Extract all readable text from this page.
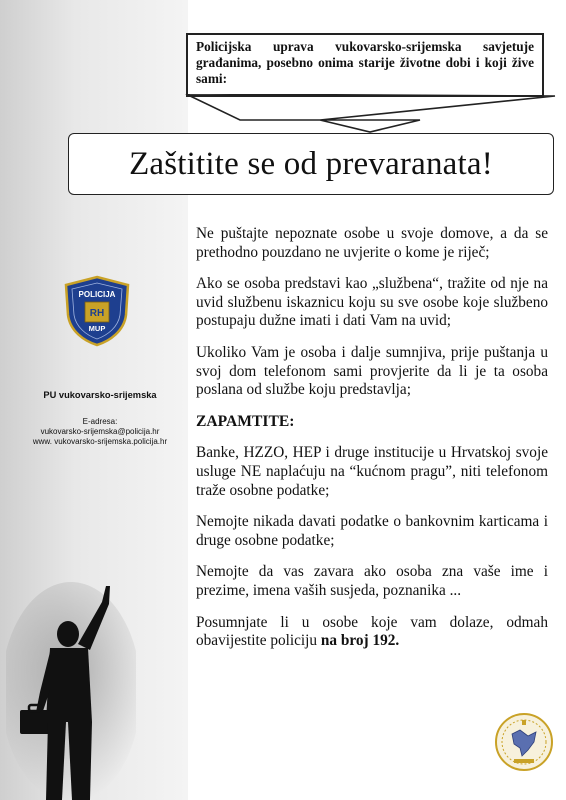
Policijska uprava vukovarsko-srijemska savjetuje građanima, posebno onima starije životne dobi i koji žive sami:
Zaštitite se od prevaranata!
POLICIJA
RH
MUP
PU vukovarsko-srijemska
E-adresa:
vukovarsko-srijemska@policija.hr
www. vukovarsko-srijemska.policija.hr

Ne puštajte nepoznate osobe u svoje domove, a da se prethodno pouzdano ne uvjerite o kome je riječ;

Ako se osoba predstavi kao „službena“, tražite od nje na uvid službenu iskaznicu koju su sve osobe koje službeno postupaju dužne imati i dati Vam na uvid;

Ukoliko Vam je osoba i dalje sumnjiva, prije puštanja u svoj dom telefonom sami provjerite da li je ta osoba poslana od službe koju predstavlja;

ZAPAMTITE:

Banke, HZZO, HEP i druge institucije u Hrvatskoj svoje usluge NE naplaćuju na “kućnom pragu”, niti telefonom traže osobne podatke;

Nemojte nikada davati podatke o bankovnim karticama i druge osobne podatke;

Nemojte da vas zavara ako osoba zna vaše ime i prezime, imena vaših susjeda, poznanika ...

Posumnjate li u osobe koje vam dolaze, odmah obavijestite policiju na broj 192.
